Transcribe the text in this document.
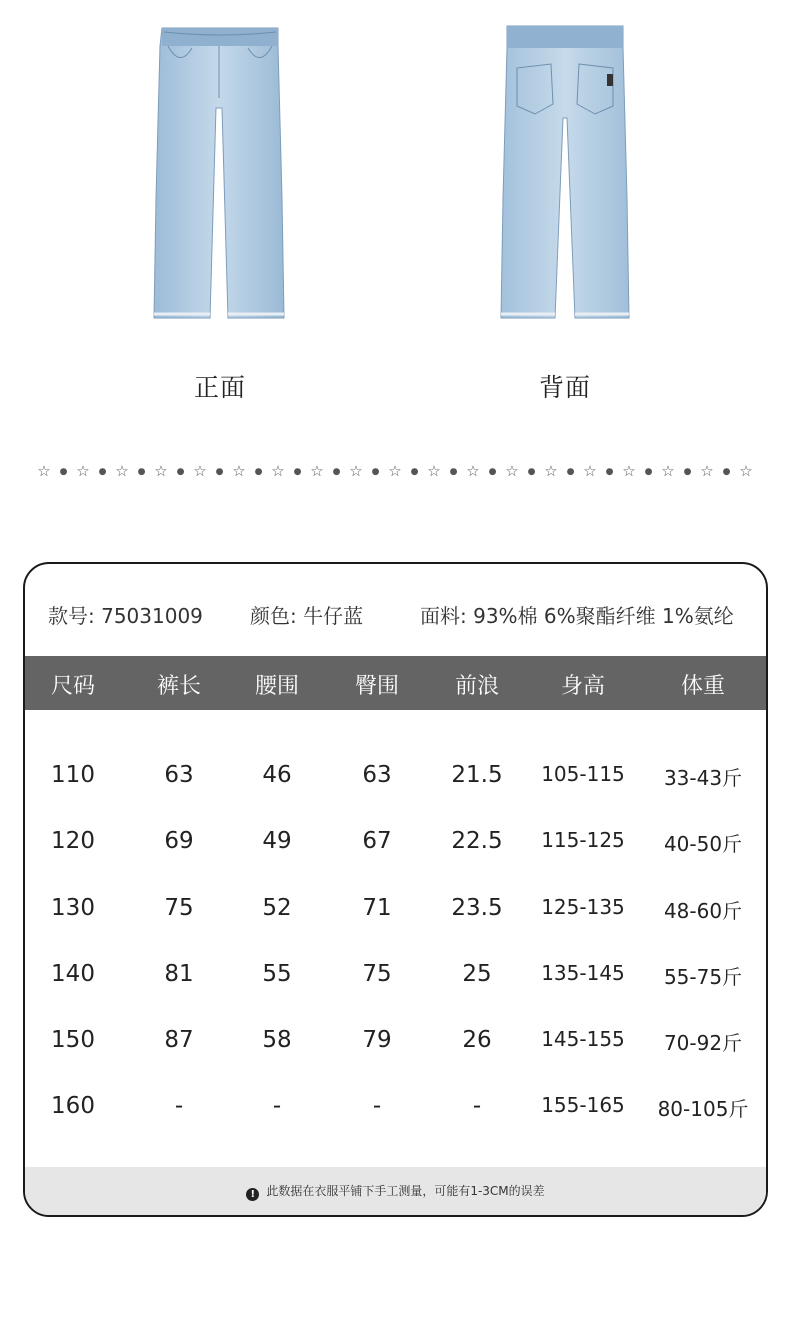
正面	背面
☆ ● ☆ ● ☆ ● ☆ ● ☆ ● ☆ ● ☆ ● ☆ ● ☆ ● ☆ ● ☆ ● ☆ ● ☆ ● ☆ ● ☆ ● ☆ ● ☆ ● ☆ ● ☆
款号: 75031009 颜色: 牛仔蓝	面料: 93%棉 6%聚酯纤维 1%氨纶
尺码	裤长	腰围	臀围	前浪	身高	体重
110	63	46	63	21.5	105-115	33-43斤
120	69	49	67	22.5	115-125	40-50斤
130	75	52	71	23.5	125-135	48-60斤
140	81	55	75	25	135-145	55-75斤
150	87	58	79	26	145-155	70-92斤
160	-	-	-	-	155-165	80-105斤
! 此数据在衣服平铺下手工测量，可能有1-3CM的误差
